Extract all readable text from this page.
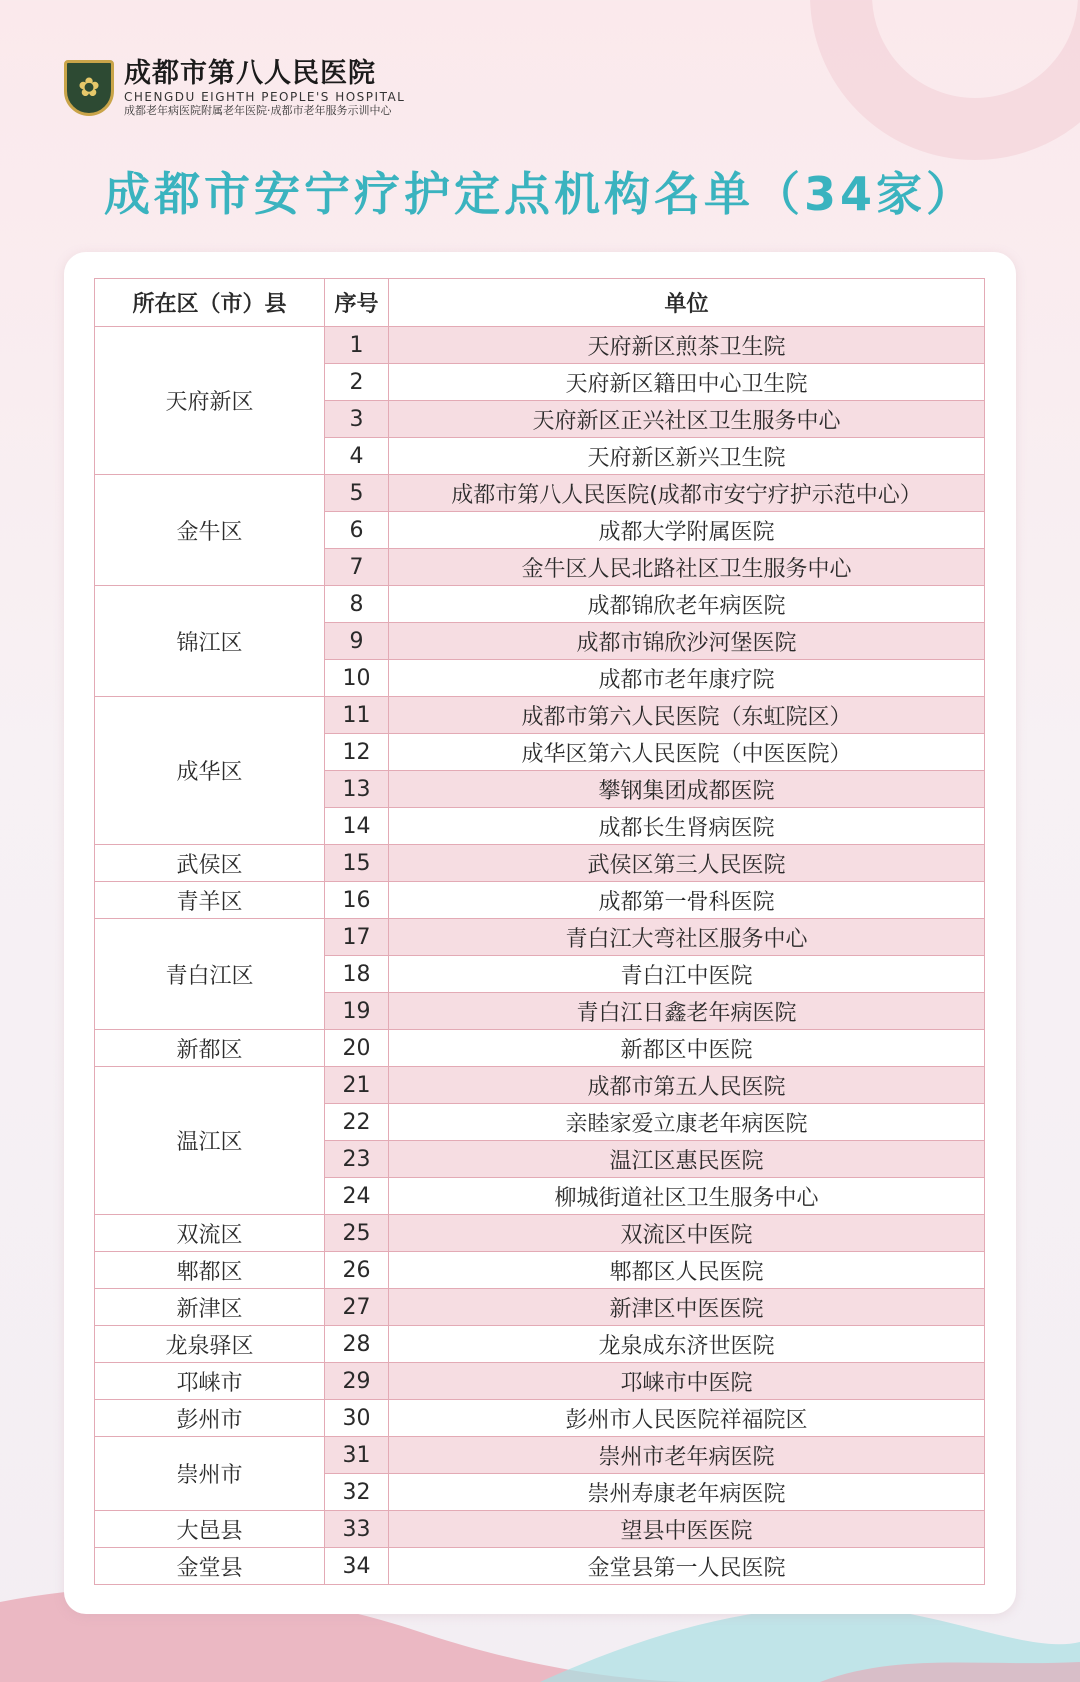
✿ 成都市第八人民医院
CHENGDU EIGHTH PEOPLE'S HOSPITAL
成都老年病医院附属老年医院·成都市老年服务示训中心
成都市安宁疗护定点机构名单（34家）
所在区（市）县	序号	单位
天府新区	1	天府新区煎茶卫生院
	2	天府新区籍田中心卫生院
	3	天府新区正兴社区卫生服务中心
	4	天府新区新兴卫生院
金牛区	5	成都市第八人民医院(成都市安宁疗护示范中心）
	6	成都大学附属医院
	7	金牛区人民北路社区卫生服务中心
锦江区	8	成都锦欣老年病医院
	9	成都市锦欣沙河堡医院
	10	成都市老年康疗院
成华区	11	成都市第六人民医院（东虹院区）
	12	成华区第六人民医院（中医医院）
	13	攀钢集团成都医院
	14	成都长生肾病医院
武侯区	15	武侯区第三人民医院
青羊区	16	成都第一骨科医院
青白江区	17	青白江大弯社区服务中心
	18	青白江中医院
	19	青白江日鑫老年病医院
新都区	20	新都区中医院
温江区	21	成都市第五人民医院
	22	亲睦家爱立康老年病医院
	23	温江区惠民医院
	24	柳城街道社区卫生服务中心
双流区	25	双流区中医院
郫都区	26	郫都区人民医院
新津区	27	新津区中医医院
龙泉驿区	28	龙泉成东济世医院
邛崃市	29	邛崃市中医院
彭州市	30	彭州市人民医院祥福院区
崇州市	31	崇州市老年病医院
	32	崇州寿康老年病医院
大邑县	33	望县中医医院
金堂县	34	金堂县第一人民医院
